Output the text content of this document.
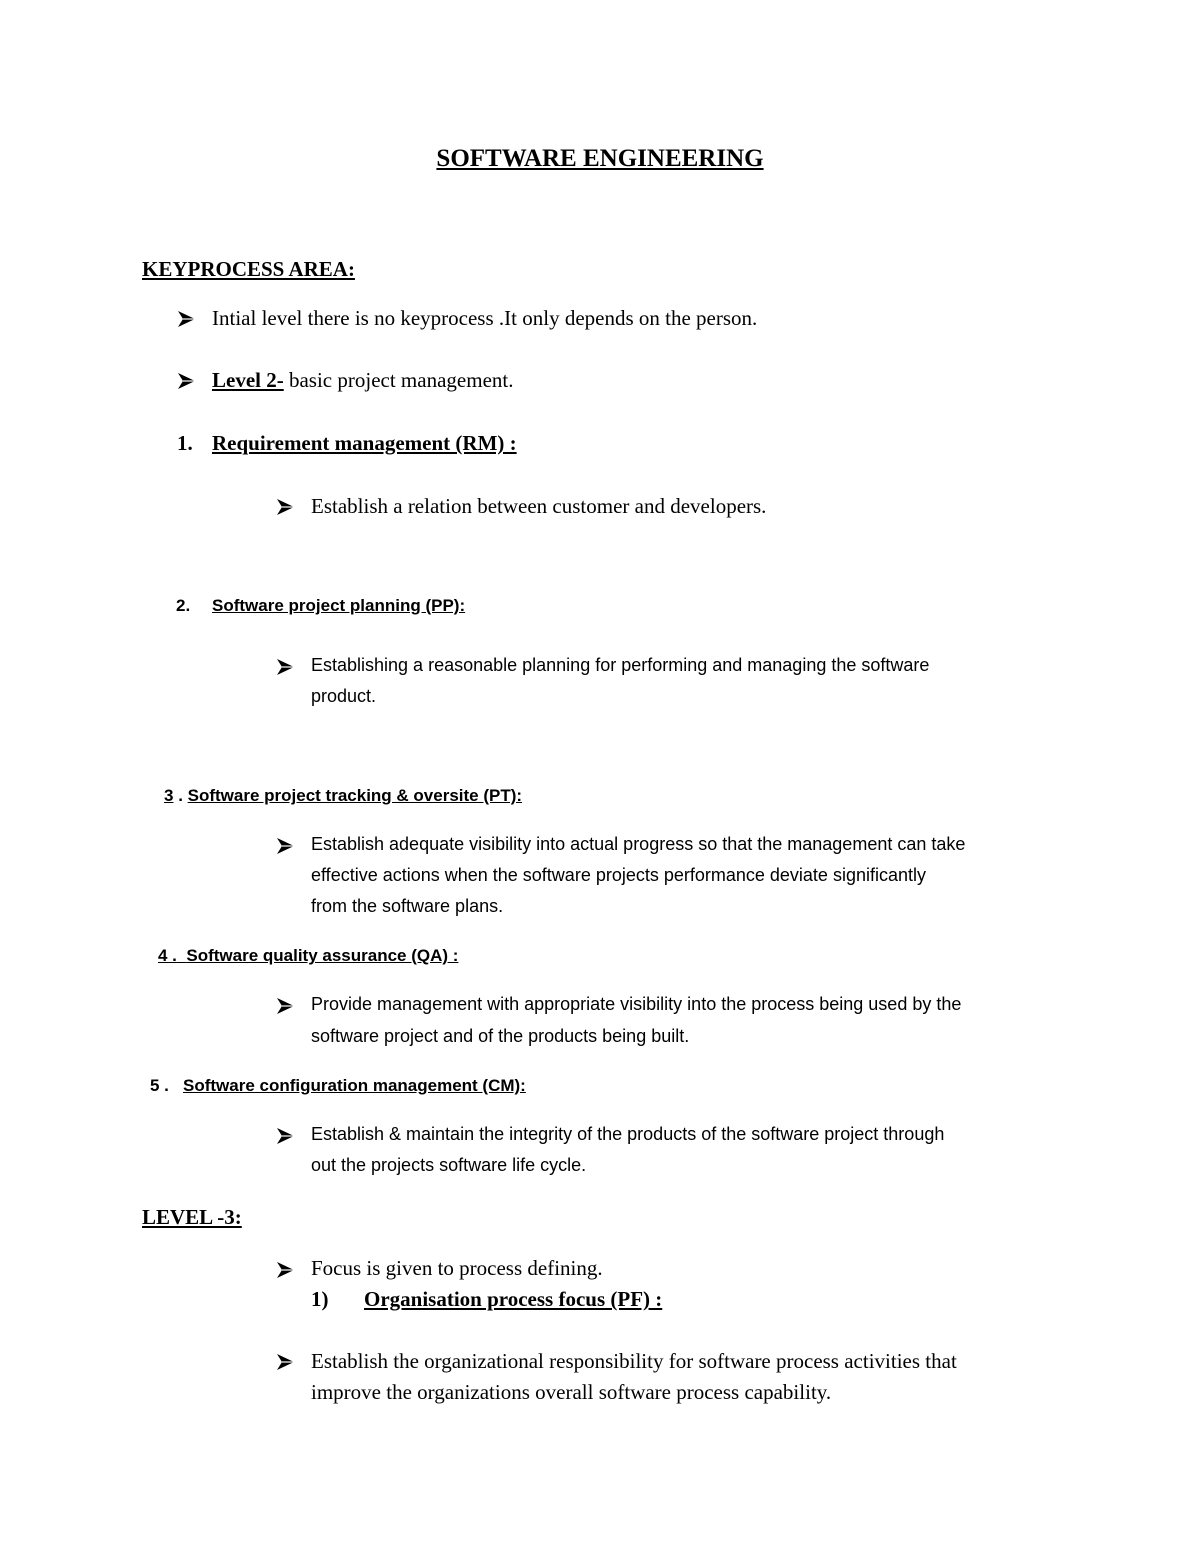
SOFTWARE ENGINEERING
KEYPROCESS AREA:
Intial level there is no keyprocess .It only depends on the person.
Level 2- basic project management.
1. Requirement management (RM) :
Establish a relation between customer and developers.
2. Software project planning (PP):
Establishing a reasonable planning for performing and managing the software
product.
3 . Software project tracking & oversite (PT):
Establish adequate visibility into actual progress so that the management can take
effective actions when the software projects performance deviate significantly
from the software plans.
4 . Software quality assurance (QA) :
Provide management with appropriate visibility into the process being used by the
software project and of the products being built.
5 . Software configuration management (CM):
Establish & maintain the integrity of the products of the software project through
out the projects software life cycle.
LEVEL -3:
Focus is given to process defining.
1)	Organisation process focus (PF) :
Establish the organizational responsibility for software process activities that
improve the organizations overall software process capability.
